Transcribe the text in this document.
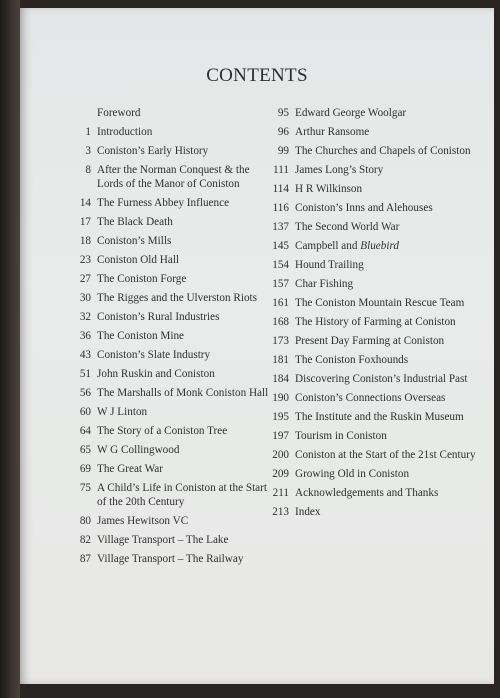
CONTENTS
Foreword
1 Introduction
3 Coniston’s Early History
8 After the Norman Conquest & the Lords of the Manor of Coniston
14 The Furness Abbey Influence
17 The Black Death
18 Coniston’s Mills
23 Coniston Old Hall
27 The Coniston Forge
30 The Rigges and the Ulverston Riots
32 Coniston’s Rural Industries
36 The Coniston Mine
43 Coniston’s Slate Industry
51 John Ruskin and Coniston
56 The Marshalls of Monk Coniston Hall
60 W J Linton
64 The Story of a Coniston Tree
65 W G Collingwood
69 The Great War
75 A Child’s Life in Coniston at the Start of the 20th Century
80 James Hewitson VC
82 Village Transport – The Lake
87 Village Transport – The Railway
95 Edward George Woolgar
96 Arthur Ransome
99 The Churches and Chapels of Coniston
111 James Long’s Story
114 H R Wilkinson
116 Coniston’s Inns and Alehouses
137 The Second World War
145 Campbell and Bluebird
154 Hound Trailing
157 Char Fishing
161 The Coniston Mountain Rescue Team
168 The History of Farming at Coniston
173 Present Day Farming at Coniston
181 The Coniston Foxhounds
184 Discovering Coniston’s Industrial Past
190 Coniston’s Connections Overseas
195 The Institute and the Ruskin Museum
197 Tourism in Coniston
200 Coniston at the Start of the 21st Century
209 Growing Old in Coniston
211 Acknowledgements and Thanks
213 Index
